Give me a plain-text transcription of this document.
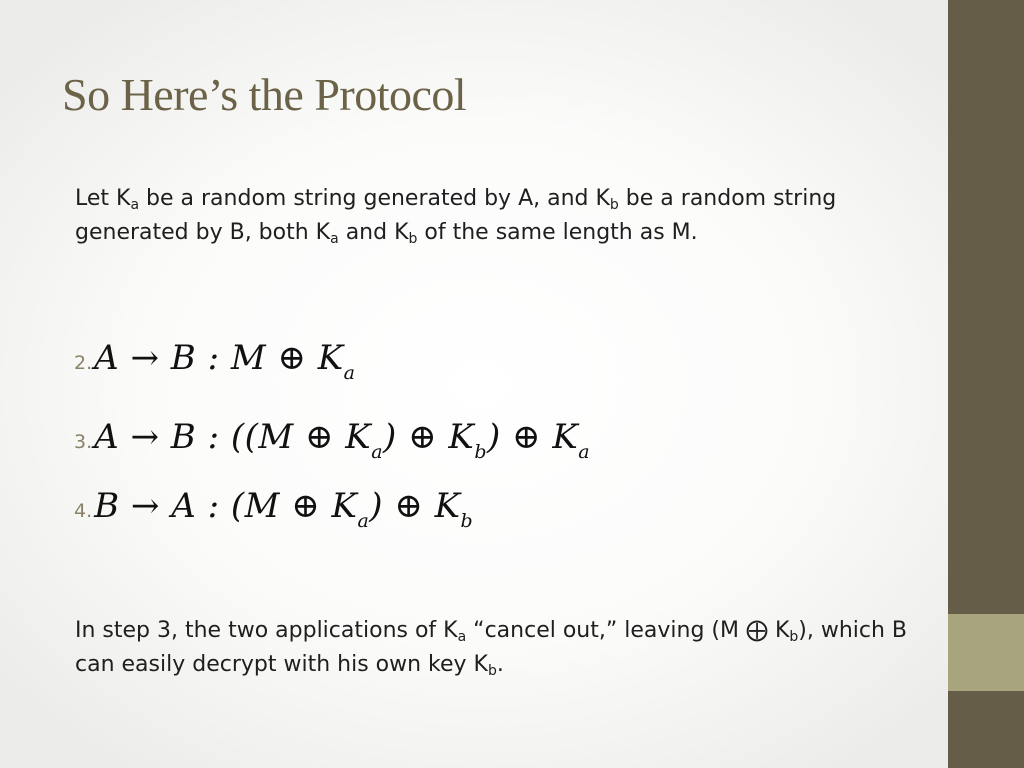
So Here’s the Protocol

Let $K_a$ be a random string generated by A, and $K_b$ be a random string generated by B, both $K_a$ and $K_b$ of the same length as M.

2. A → B : M ⊕ $K_a$
3. A → B : ((M ⊕ $K_a$) ⊕ $K_b$) ⊕ $K_a$
4. B → A : (M ⊕ $K_a$) ⊕ $K_b$

In step 3, the two applications of $K_a$ “cancel out,” leaving (M ⨁ $K_b$), which B can easily decrypt with his own key $K_b$.
